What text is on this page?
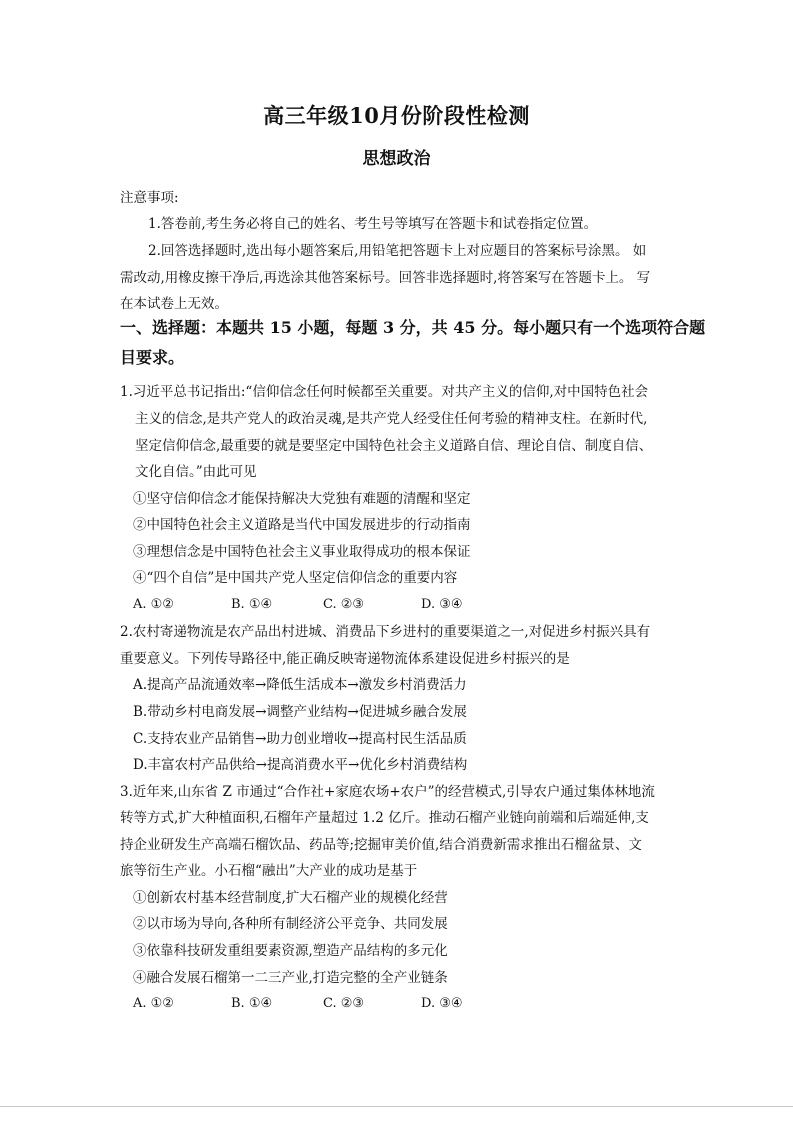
高三年级10月份阶段性检测
思想政治
注意事项:
1.答卷前,考生务必将自己的姓名、考生号等填写在答题卡和试卷指定位置。
2.回答选择题时,选出每小题答案后,用铅笔把答题卡上对应题目的答案标号涂黑。 如
需改动,用橡皮擦干净后,再选涂其他答案标号。回答非选择题时,将答案写在答题卡上。 写
在本试卷上无效。
一、选择题：本题共 15 小题，每题 3 分，共 45 分。每小题只有一个选项符合题
目要求。
1.习近平总书记指出:“信仰信念任何时候都至关重要。对共产主义的信仰,对中国特色社会
主义的信念,是共产党人的政治灵魂,是共产党人经受住任何考验的精神支柱。在新时代,
坚定信仰信念,最重要的就是要坚定中国特色社会主义道路自信、理论自信、制度自信、
文化自信。”由此可见
①坚守信仰信念才能保持解决大党独有难题的清醒和坚定
②中国特色社会主义道路是当代中国发展进步的行动指南
③理想信念是中国特色社会主义事业取得成功的根本保证
④“四个自信”是中国共产党人坚定信仰信念的重要内容
A. ①②	B. ①④	C. ②③	D. ③④
2.农村寄递物流是农产品出村进城、消费品下乡进村的重要渠道之一,对促进乡村振兴具有
重要意义。下列传导路径中,能正确反映寄递物流体系建设促进乡村振兴的是
A.提高产品流通效率→降低生活成本→激发乡村消费活力
B.带动乡村电商发展→调整产业结构→促进城乡融合发展
C.支持农业产品销售→助力创业增收→提高村民生活品质
D.丰富农村产品供给→提高消费水平→优化乡村消费结构
3.近年来,山东省 Z 市通过“合作社+家庭农场+农户”的经营模式,引导农户通过集体林地流
转等方式,扩大种植面积,石榴年产量超过 1.2 亿斤。推动石榴产业链向前端和后端延伸,支
持企业研发生产高端石榴饮品、药品等;挖掘审美价值,结合消费新需求推出石榴盆景、文
旅等衍生产业。小石榴“融出”大产业的成功是基于
①创新农村基本经营制度,扩大石榴产业的规模化经营
②以市场为导向,各种所有制经济公平竞争、共同发展
③依靠科技研发重组要素资源,塑造产品结构的多元化
④融合发展石榴第一二三产业,打造完整的全产业链条
A. ①②	B. ①④	C. ②③	D. ③④
